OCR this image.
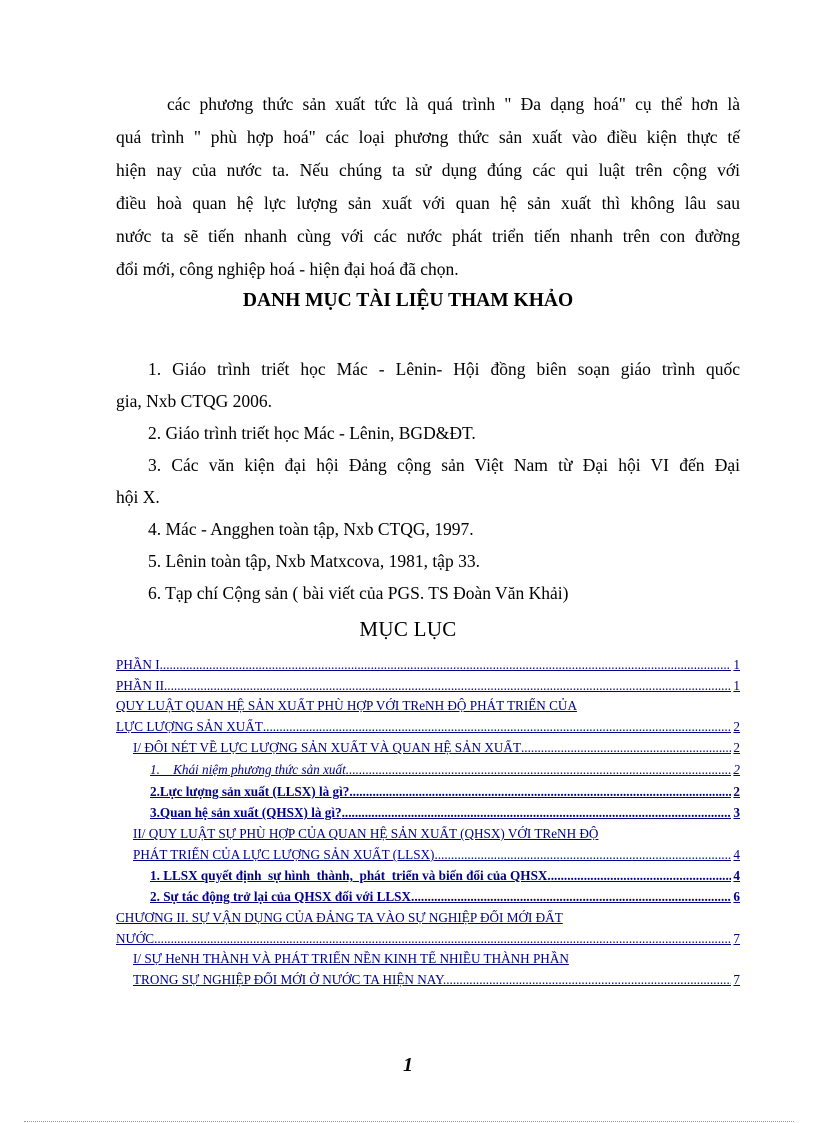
các phương thức sản xuất tức là quá trình " Đa dạng hoá" cụ thể hơn là
quá trình " phù hợp hoá" các loại phương thức sản xuất vào điều kiện thực tế
hiện nay của nước ta. Nếu chúng ta sử dụng đúng các qui luật trên cộng với
điều hoà quan hệ lực lượng sản xuất với quan hệ sản xuất thì không lâu sau
nước ta sẽ tiến nhanh cùng với các nước phát triển tiến nhanh trên con đường
đổi mới, công nghiệp hoá - hiện đại hoá đã chọn.
DANH MỤC TÀI LIỆU THAM KHẢO
1. Giáo trình triết học Mác - Lênin- Hội đồng biên soạn giáo trình quốc
gia, Nxb CTQG 2006.
2. Giáo trình triết học Mác - Lênin, BGD&ĐT.
3. Các văn kiện đại hội Đảng cộng sản Việt Nam từ Đại hội VI đến Đại
hội X.
4. Mác - Angghen toàn tập, Nxb CTQG, 1997.
5. Lênin toàn tập, Nxb Matxcova, 1981, tập 33.
6. Tạp chí Cộng sản ( bài viết của PGS. TS Đoàn Văn Khải)
MỤC LỤC
PHẦN I .....	1
PHẦN II .....	1
QUY LUẬT QUAN HỆ SẢN XUẤT PHÙ HỢP VỚI TReNH ĐỘ PHÁT TRIỂN CỦA
LỰC LƯỢNG SẢN XUẤT .....	2
I/ ĐÔI NÉT VỀ LỰC LƯỢNG SẢN XUẤT VÀ QUAN HỆ SẢN XUẤT .....	2
1.    Khái niệm phương thức sản xuất .....	2
2.Lực lượng sản xuất (LLSX) là gì? .....	2
3.Quan hệ sản xuất (QHSX) là gì? .....	3
II/ QUY LUẬT SỰ PHÙ HỢP CỦA QUAN HỆ SẢN XUẤT (QHSX) VỚI TReNH ĐỘ
PHÁT TRIỂN CỦA LỰC LƯỢNG SẢN XUẤT (LLSX) .....	4
1. LLSX quyết định  sự hình  thành,  phát  triển và biến đổi của QHSX. .....	4
2. Sự tác động trở lại của QHSX đối với LLSX .....	6
CHƯƠNG II. SỰ VẬN DỤNG CỦA ĐẢNG TA VÀO SỰ NGHIỆP ĐỔI MỚI ĐẤT
NƯỚC .....	7
I/ SỰ HeNH THÀNH VÀ PHÁT TRIỂN NỀN KINH TẾ NHIỀU THÀNH PHẦN
TRONG SỰ NGHIỆP ĐỔI MỚI Ở NƯỚC TA HIỆN NAY. .....	7
1
